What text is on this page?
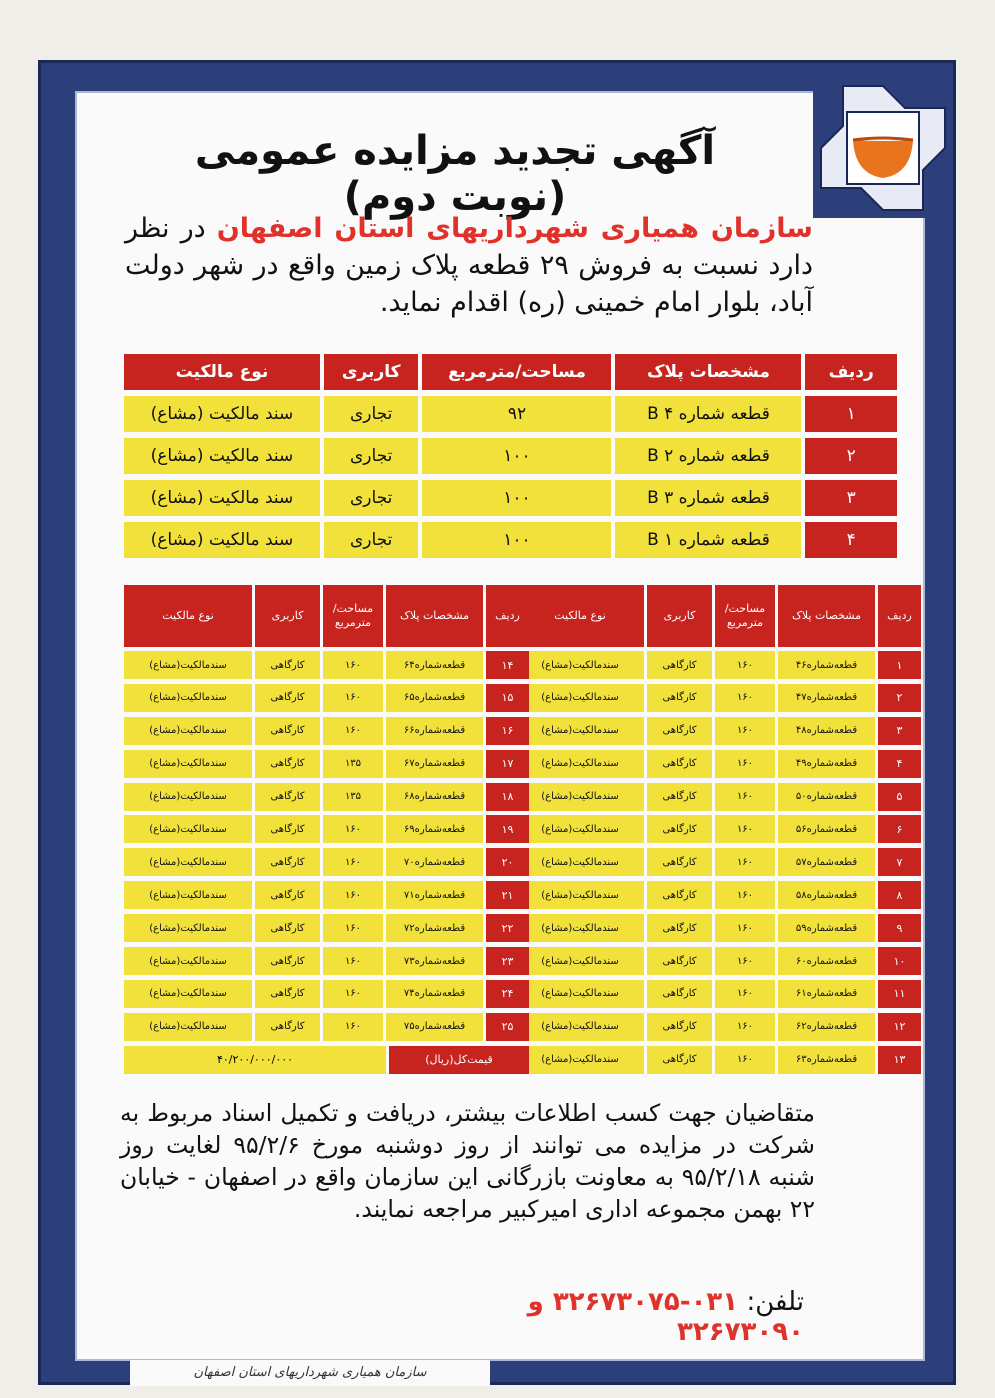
آگهی تجدید مزایده عمومی (نوبت دوم)
سازمان همیاری شهرداریهای استان اصفهان در نظر دارد نسبت به فروش ۲۹ قطعه پلاک زمین واقع در شهر دولت آباد، بلوار امام خمینی (ره) اقدام نماید.
ردیف
مشخصات پلاک
مساحت/مترمربع
کاربری
نوع مالکیت
۱
قطعه شماره B ۴
۹۲
تجاری
سند مالکیت (مشاع)
۲
قطعه شماره B ۲
۱۰۰
تجاری
سند مالکیت (مشاع)
۳
قطعه شماره B ۳
۱۰۰
تجاری
سند مالکیت (مشاع)
۴
قطعه شماره B ۱
۱۰۰
تجاری
سند مالکیت (مشاع)
ردیف
مشخصات پلاک
مساحت/ مترمربع
کاربری
نوع مالکیت
۱
قطعه‌شماره۴۶
۱۶۰
کارگاهی
سندمالکیت(مشاع)
۲
قطعه‌شماره۴۷
۱۶۰
کارگاهی
سندمالکیت(مشاع)
۳
قطعه‌شماره۴۸
۱۶۰
کارگاهی
سندمالکیت(مشاع)
۴
قطعه‌شماره۴۹
۱۶۰
کارگاهی
سندمالکیت(مشاع)
۵
قطعه‌شماره۵۰
۱۶۰
کارگاهی
سندمالکیت(مشاع)
۶
قطعه‌شماره۵۶
۱۶۰
کارگاهی
سندمالکیت(مشاع)
۷
قطعه‌شماره۵۷
۱۶۰
کارگاهی
سندمالکیت(مشاع)
۸
قطعه‌شماره۵۸
۱۶۰
کارگاهی
سندمالکیت(مشاع)
۹
قطعه‌شماره۵۹
۱۶۰
کارگاهی
سندمالکیت(مشاع)
۱۰
قطعه‌شماره۶۰
۱۶۰
کارگاهی
سندمالکیت(مشاع)
۱۱
قطعه‌شماره۶۱
۱۶۰
کارگاهی
سندمالکیت(مشاع)
۱۲
قطعه‌شماره۶۲
۱۶۰
کارگاهی
سندمالکیت(مشاع)
۱۳
قطعه‌شماره۶۳
۱۶۰
کارگاهی
سندمالکیت(مشاع)
ردیف
مشخصات پلاک
مساحت/ مترمربع
کاربری
نوع مالکیت
۱۴
قطعه‌شماره۶۴
۱۶۰
کارگاهی
سندمالکیت(مشاع)
۱۵
قطعه‌شماره۶۵
۱۶۰
کارگاهی
سندمالکیت(مشاع)
۱۶
قطعه‌شماره۶۶
۱۶۰
کارگاهی
سندمالکیت(مشاع)
۱۷
قطعه‌شماره۶۷
۱۳۵
کارگاهی
سندمالکیت(مشاع)
۱۸
قطعه‌شماره۶۸
۱۳۵
کارگاهی
سندمالکیت(مشاع)
۱۹
قطعه‌شماره۶۹
۱۶۰
کارگاهی
سندمالکیت(مشاع)
۲۰
قطعه‌شماره۷۰
۱۶۰
کارگاهی
سندمالکیت(مشاع)
۲۱
قطعه‌شماره۷۱
۱۶۰
کارگاهی
سندمالکیت(مشاع)
۲۲
قطعه‌شماره۷۲
۱۶۰
کارگاهی
سندمالکیت(مشاع)
۲۳
قطعه‌شماره۷۳
۱۶۰
کارگاهی
سندمالکیت(مشاع)
۲۴
قطعه‌شماره۷۴
۱۶۰
کارگاهی
سندمالکیت(مشاع)
۲۵
قطعه‌شماره۷۵
۱۶۰
کارگاهی
سندمالکیت(مشاع)
قیمت‌کل(ریال)
۴۰/۲۰۰/۰۰۰/۰۰۰
متقاضیان جهت کسب اطلاعات بیشتر، دریافت و تکمیل اسناد مربوط به شرکت در مزایده می توانند از روز دوشنبه مورخ ۹۵/۲/۶ لغایت روز شنبه ۹۵/۲/۱۸ به معاونت بازرگانی این سازمان واقع در اصفهان - خیابان ۲۲ بهمن مجموعه اداری امیرکبیر مراجعه نمایند.
تلفن: ۰۳۱-۳۲۶۷۳۰۷۵ و ۳۲۶۷۳۰۹۰
سازمان همیاری شهرداریهای استان اصفهان
